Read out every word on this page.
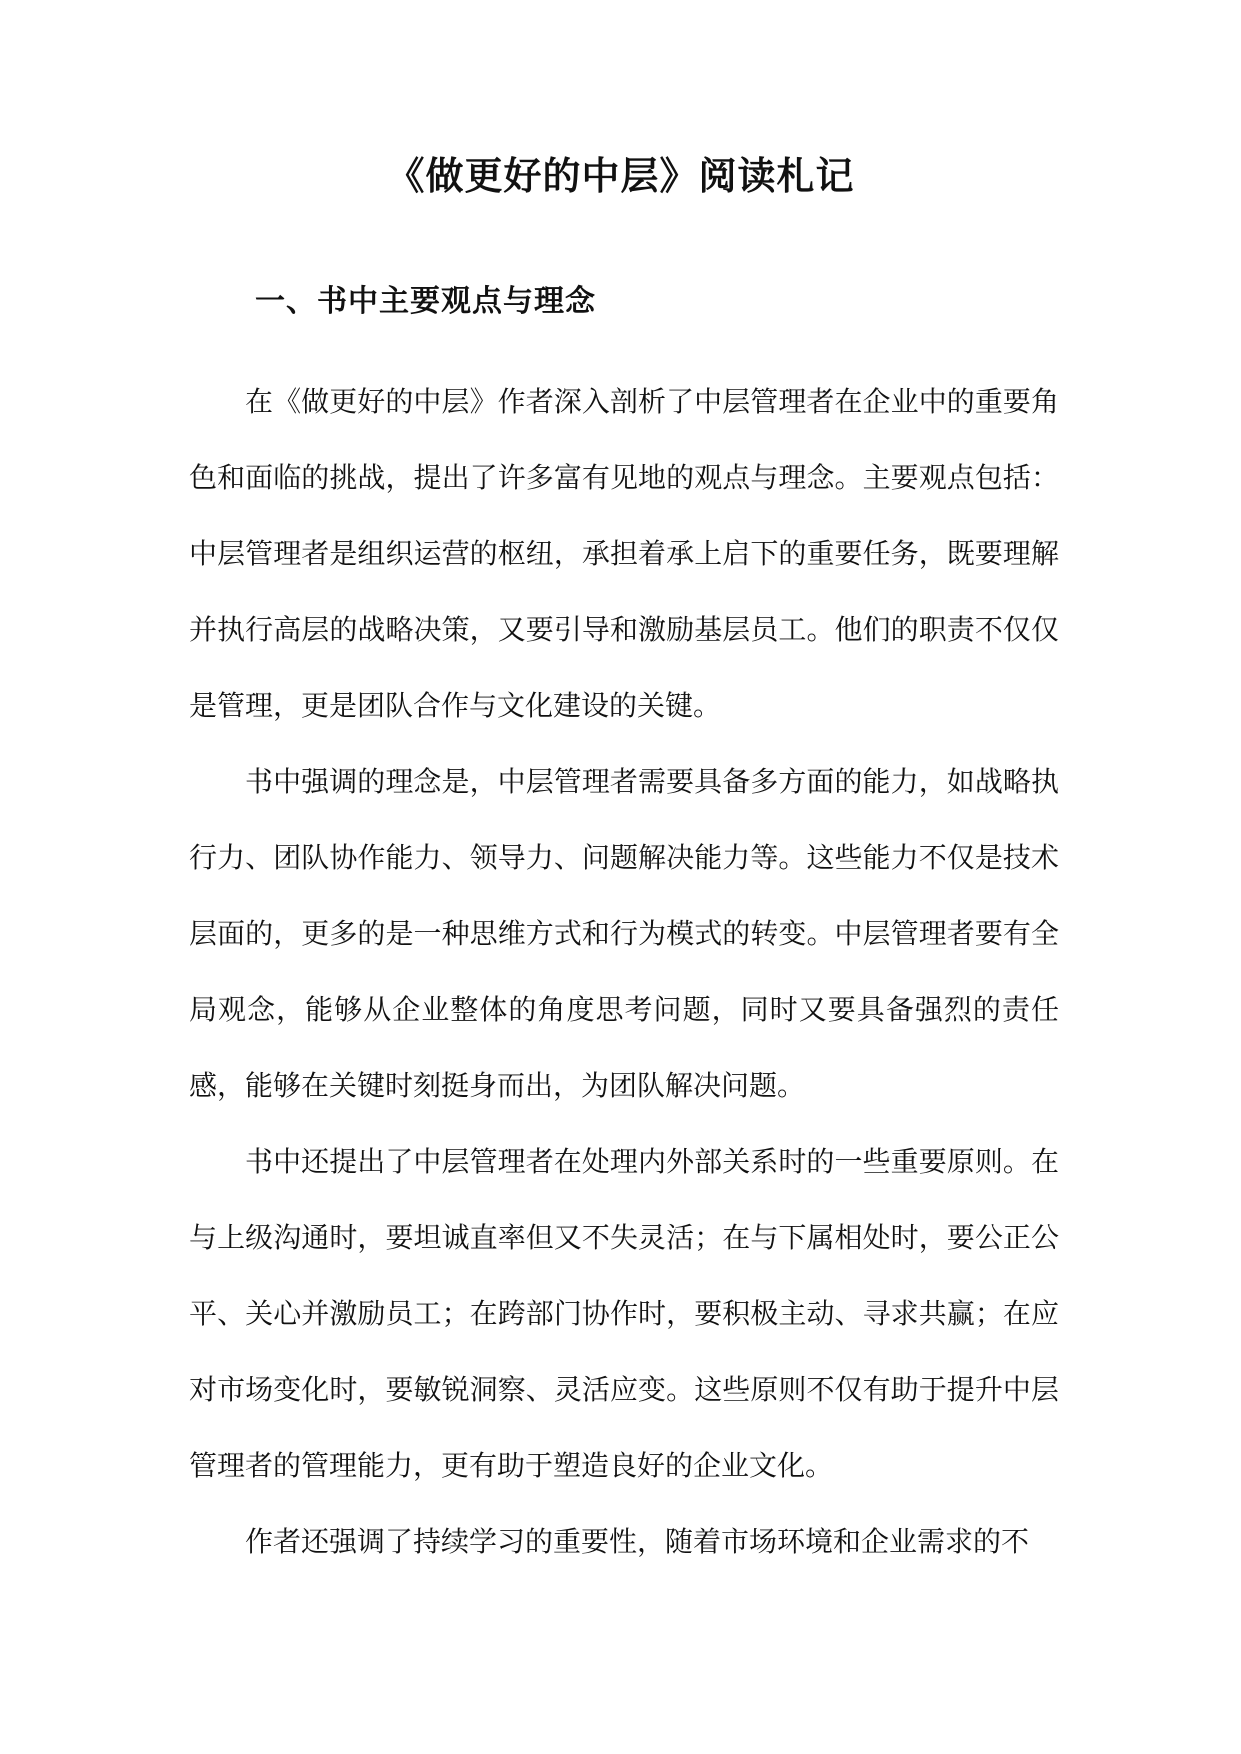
《做更好的中层》阅读札记
一、书中主要观点与理念

在《做更好的中层》作者深入剖析了中层管理者在企业中的重要角色和面临的挑战，提出了许多富有见地的观点与理念。主要观点包括：中层管理者是组织运营的枢纽，承担着承上启下的重要任务，既要理解并执行高层的战略决策，又要引导和激励基层员工。他们的职责不仅仅是管理，更是团队合作与文化建设的关键。

书中强调的理念是，中层管理者需要具备多方面的能力，如战略执行力、团队协作能力、领导力、问题解决能力等。这些能力不仅是技术层面的，更多的是一种思维方式和行为模式的转变。中层管理者要有全局观念，能够从企业整体的角度思考问题，同时又要具备强烈的责任感，能够在关键时刻挺身而出，为团队解决问题。

书中还提出了中层管理者在处理内外部关系时的一些重要原则。在与上级沟通时，要坦诚直率但又不失灵活；在与下属相处时，要公正公平、关心并激励员工；在跨部门协作时，要积极主动、寻求共赢；在应对市场变化时，要敏锐洞察、灵活应变。这些原则不仅有助于提升中层管理者的管理能力，更有助于塑造良好的企业文化。

作者还强调了持续学习的重要性，随着市场环境和企业需求的不
